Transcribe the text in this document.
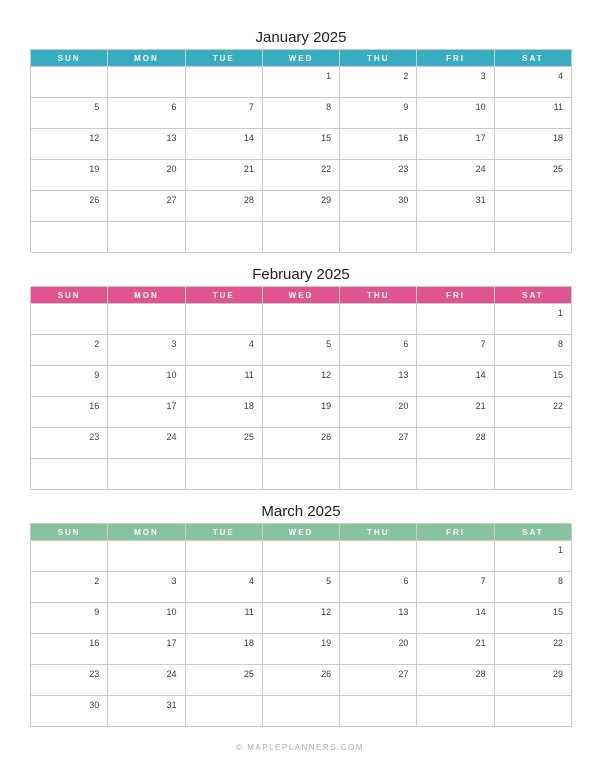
January 2025
SUN	MON	TUE	WED	THU	FRI	SAT
			1	2	3	4
5	6	7	8	9	10	11
12	13	14	15	16	17	18
19	20	21	22	23	24	25
26	27	28	29	30	31	

February 2025
SUN	MON	TUE	WED	THU	FRI	SAT
						1
2	3	4	5	6	7	8
9	10	11	12	13	14	15
16	17	18	19	20	21	22
23	24	25	26	27	28	

March 2025
SUN	MON	TUE	WED	THU	FRI	SAT
						1
2	3	4	5	6	7	8
9	10	11	12	13	14	15
16	17	18	19	20	21	22
23	24	25	26	27	28	29
30	31					
© MAPLEPLANNERS.COM
